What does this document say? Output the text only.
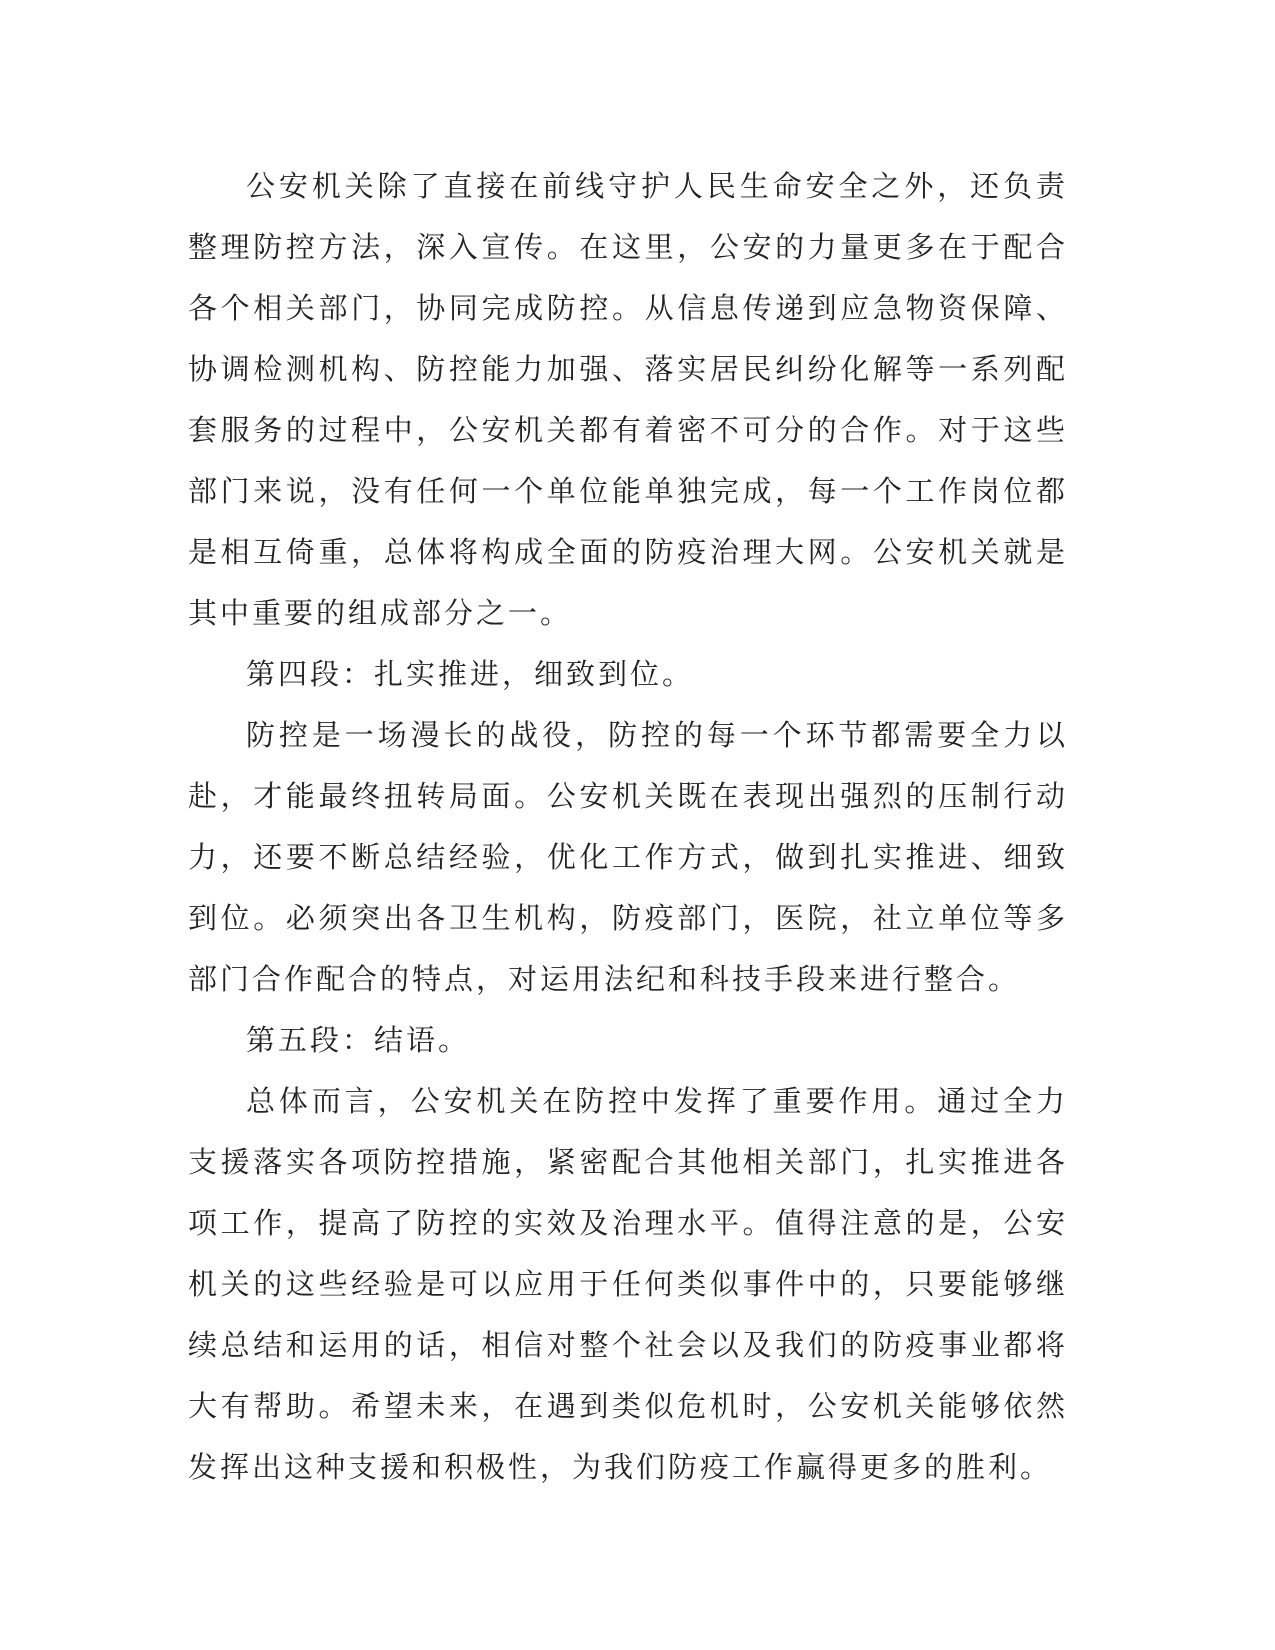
公安机关除了直接在前线守护人民生命安全之外，还负责整理防控方法，深入宣传。在这里，公安的力量更多在于配合各个相关部门，协同完成防控。从信息传递到应急物资保障、协调检测机构、防控能力加强、落实居民纠纷化解等一系列配套服务的过程中，公安机关都有着密不可分的合作。对于这些部门来说，没有任何一个单位能单独完成，每一个工作岗位都是相互倚重，总体将构成全面的防疫治理大网。公安机关就是其中重要的组成部分之一。

第四段：扎实推进，细致到位。

防控是一场漫长的战役，防控的每一个环节都需要全力以赴，才能最终扭转局面。公安机关既在表现出强烈的压制行动力，还要不断总结经验，优化工作方式，做到扎实推进、细致到位。必须突出各卫生机构，防疫部门，医院，社立单位等多部门合作配合的特点，对运用法纪和科技手段来进行整合。

第五段：结语。

总体而言，公安机关在防控中发挥了重要作用。通过全力支援落实各项防控措施，紧密配合其他相关部门，扎实推进各项工作，提高了防控的实效及治理水平。值得注意的是，公安机关的这些经验是可以应用于任何类似事件中的，只要能够继续总结和运用的话，相信对整个社会以及我们的防疫事业都将大有帮助。希望未来，在遇到类似危机时，公安机关能够依然发挥出这种支援和积极性，为我们防疫工作赢得更多的胜利。
